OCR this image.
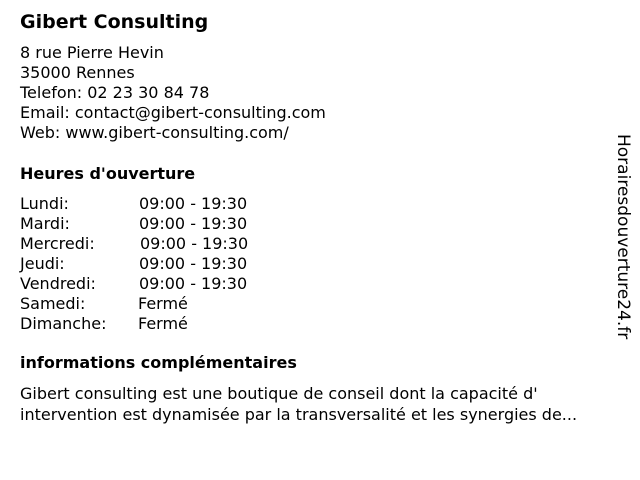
Gibert Consulting
8 rue Pierre Hevin
35000 Rennes
Telefon: 02 23 30 84 78
Email: contact@gibert-consulting.com
Web: www.gibert-consulting.com/
Heures d'ouverture
Lundi:	09:00 - 19:30
Mardi:	09:00 - 19:30
Mercredi:	09:00 - 19:30
Jeudi:	09:00 - 19:30
Vendredi:	09:00 - 19:30
Samedi:	Fermé
Dimanche: Fermé
informations complémentaires
Gibert consulting est une boutique de conseil dont la capacité d'
intervention est dynamisée par la transversalité et les synergies de...
Horairesdouverture24.fr
